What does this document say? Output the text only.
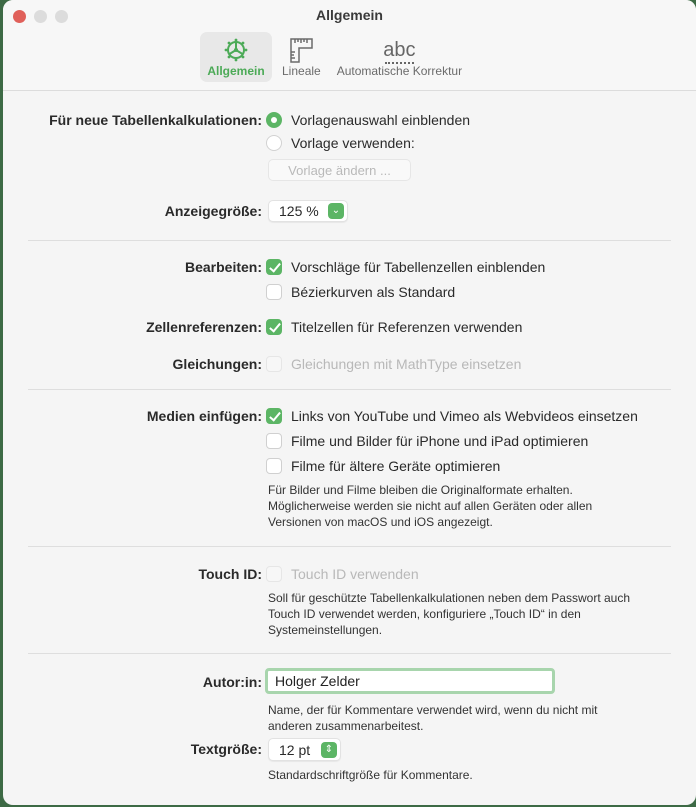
Allgemein
Allgemein Lineale
abc
Automatische Korrektur
Für neue Tabellenkalkulationen: Vorlagenauswahl einblenden
Vorlage verwenden:
Vorlage ändern ...
Anzeigegröße:	125 %	⌄
Bearbeiten: Vorschläge für Tabellenzellen einblenden
Bézierkurven als Standard
Zellenreferenzen: Titelzellen für Referenzen verwenden
Gleichungen: Gleichungen mit MathType einsetzen
Medien einfügen: Links von YouTube und Vimeo als Webvideos einsetzen
Filme und Bilder für iPhone und iPad optimieren
Filme für ältere Geräte optimieren
Für Bilder und Filme bleiben die Originalformate erhalten.
Möglicherweise werden sie nicht auf allen Geräten oder allen
Versionen von macOS und iOS angezeigt.
Touch ID: Touch ID verwenden
Soll für geschützte Tabellenkalkulationen neben dem Passwort auch
Touch ID verwendet werden, konfiguriere „Touch ID“ in den
Systemeinstellungen.
Autor:in: Holger Zelder
Name, der für Kommentare verwendet wird, wenn du nicht mit
anderen zusammenarbeitest.
Textgröße:	12 pt	⇕
Standardschriftgröße für Kommentare.
